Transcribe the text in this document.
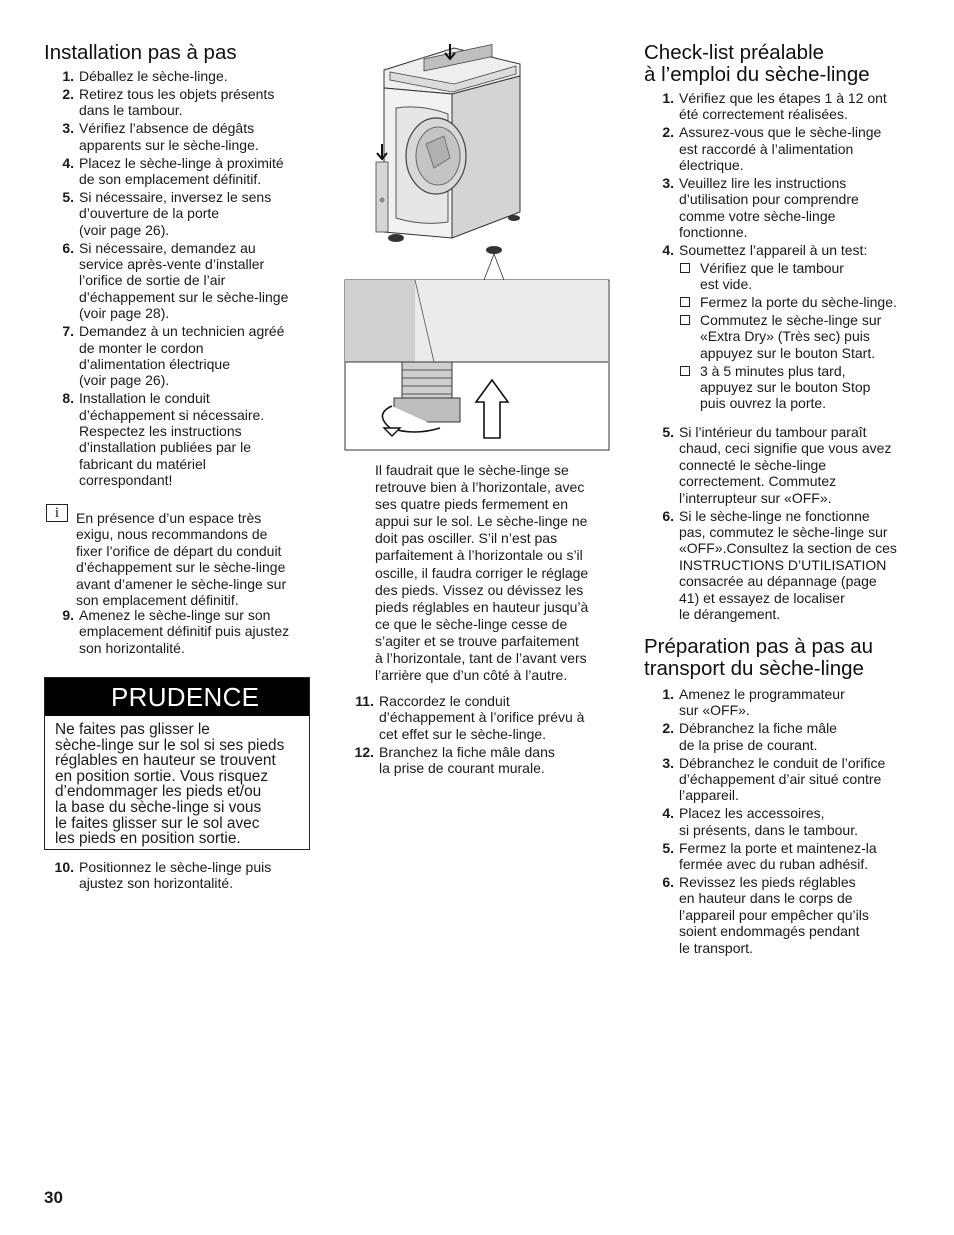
Installation pas à pas
1. Déballez le sèche-linge.
2. Retirez tous les objets présents
dans le tambour.
3. Vérifiez l’absence de dégâts
apparents sur le sèche-linge.
4. Placez le sèche-linge à proximité
de son emplacement définitif.
5. Si nécessaire, inversez le sens
d’ouverture de la porte
(voir page 26).
6. Si nécessaire, demandez au
service après-vente d’installer
l’orifice de sortie de l’air
d’échappement sur le sèche-linge
(voir page 28).
7. Demandez à un technicien agréé
de monter le cordon
d’alimentation électrique
(voir page 26).
8. Installation le conduit
d’échappement si nécessaire.
Respectez les instructions
d’installation publiées par le
fabricant du matériel
correspondant!
i	En présence d’un espace très
exigu, nous recommandons de
fixer l’orifice de départ du conduit
d’échappement sur le sèche-linge
avant d’amener le sèche-linge sur
son emplacement définitif.
9. Amenez le sèche-linge sur son
emplacement définitif puis ajustez
son horizontalité.
10. Positionnez le sèche-linge puis
ajustez son horizontalité.
PRUDENCE
Ne faites pas glisser le
sèche-linge sur le sol si ses pieds
réglables en hauteur se trouvent
en position sortie. Vous risquez
d’endommager les pieds et/ou
la base du sèche-linge si vous
le faites glisser sur le sol avec
les pieds en position sortie.

Il faudrait que le sèche-linge se
retrouve bien à l’horizontale, avec
ses quatre pieds fermement en
appui sur le sol. Le sèche-linge ne
doit pas osciller. S’il n’est pas
parfaitement à l’horizontale ou s’il
oscille, il faudra corriger le réglage
des pieds. Vissez ou dévissez les
pieds réglables en hauteur jusqu’à
ce que le sèche-linge cesse de
s’agiter et se trouve parfaitement
à l’horizontale, tant de l’avant vers
l’arrière que d’un côté à l’autre.

11. Raccordez le conduit
d’échappement à l’orifice prévu à
cet effet sur le sèche-linge.
12. Branchez la fiche mâle dans
la prise de courant murale.
Check-list préalable
à l’emploi du sèche-linge
1. Vérifiez que les étapes 1 à 12 ont
été correctement réalisées.
2. Assurez-vous que le sèche-linge
est raccordé à l’alimentation
électrique.
3. Veuillez lire les instructions
d’utilisation pour comprendre
comme votre sèche-linge
fonctionne.
4. Soumettez l’appareil à un test:
Vérifiez que le tambour
est vide.
Fermez la porte du sèche-linge.
Commutez le sèche-linge sur
«Extra Dry» (Très sec) puis
appuyez sur le bouton Start.
3 à 5 minutes plus tard,
appuyez sur le bouton Stop
puis ouvrez la porte.
5. Si l’intérieur du tambour paraît
chaud, ceci signifie que vous avez
connecté le sèche-linge
correctement. Commutez
l’interrupteur sur «OFF».
6. Si le sèche-linge ne fonctionne
pas, commutez le sèche-linge sur
«OFF».Consultez la section de ces
INSTRUCTIONS D’UTILISATION
consacrée au dépannage (page
41) et essayez de localiser
le dérangement.
Préparation pas à pas au
transport du sèche-linge
1. Amenez le programmateur
sur «OFF».
2. Débranchez la fiche mâle
de la prise de courant.
3. Débranchez le conduit de l’orifice
d’échappement d’air situé contre
l’appareil.
4. Placez les accessoires,
si présents, dans le tambour.
5. Fermez la porte et maintenez-la
fermée avec du ruban adhésif.
6. Revissez les pieds réglables
en hauteur dans le corps de
l’appareil pour empêcher qu’ils
soient endommagés pendant
le transport.
30
